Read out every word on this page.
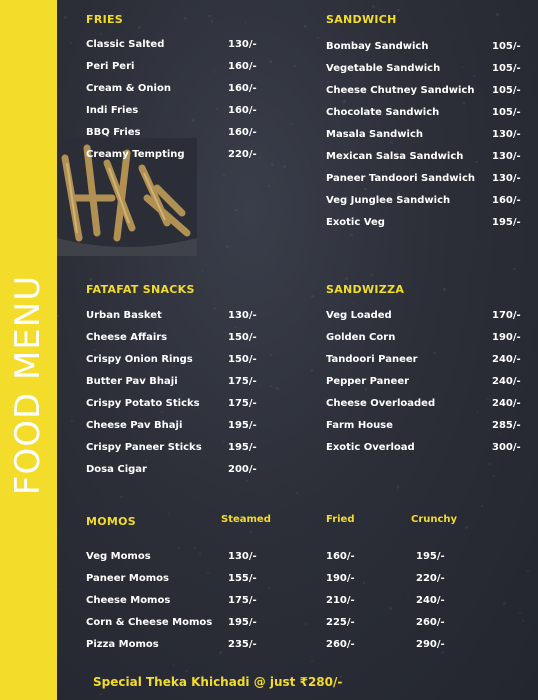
FOOD MENU
FRIES
Classic Salted	130/-
Peri Peri	160/-
Cream & Onion	160/-
Indi Fries	160/-
BBQ Fries	160/-
Creamy Tempting	220/-
SANDWICH
Bombay Sandwich	105/-
Vegetable Sandwich	105/-
Cheese Chutney Sandwich 105/-
Chocolate Sandwich	105/-
Masala Sandwich	130/-
Mexican Salsa Sandwich	130/-
Paneer Tandoori Sandwich 130/-
Veg Junglee Sandwich	160/-
Exotic Veg	195/-
FATAFAT SNACKS
Urban Basket	130/-
Cheese Affairs	150/-
Crispy Onion Rings	150/-
Butter Pav Bhaji	175/-
Crispy Potato Sticks	175/-
Cheese Pav Bhaji	195/-
Crispy Paneer Sticks	195/-
Dosa Cigar	200/-
SANDWIZZA
Veg Loaded	170/-
Golden Corn	190/-
Tandoori Paneer	240/-
Pepper Paneer	240/-
Cheese Overloaded	240/-
Farm House	285/-
Exotic Overload	300/-
MOMOS	Steamed	Fried	Crunchy
Veg Momos	130/-	160/-	195/-
Paneer Momos	155/-	190/-	220/-
Cheese Momos	175/-	210/-	240/-
Corn & Cheese Momos 195/-	225/-	260/-
Pizza Momos	235/-	260/-	290/-
Special Theka Khichadi @ just ₹280/-
